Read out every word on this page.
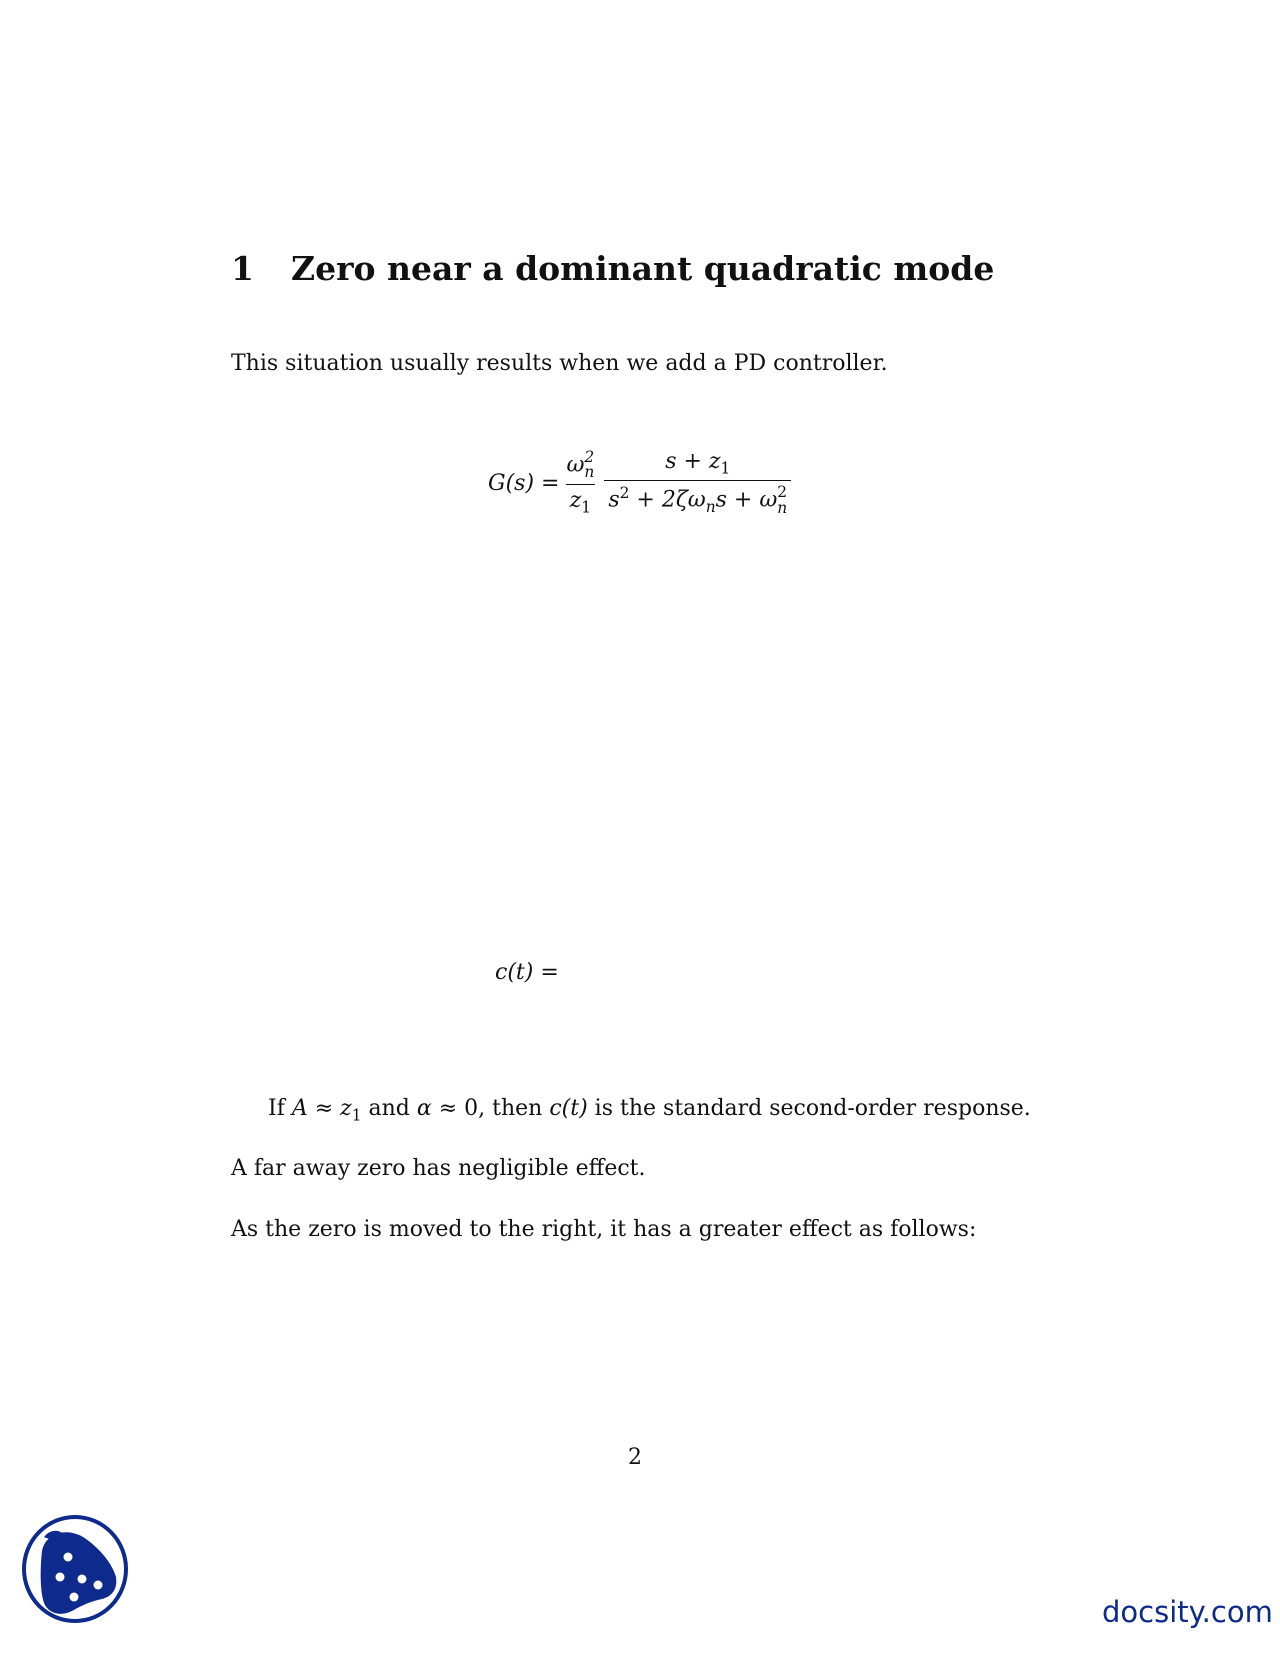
1 Zero near a dominant quadratic mode

This situation usually results when we add a PD controller.

G(s) = ω 2
n
$z_1$ $s + z_1$
$s^2 + 2\zeta\omega_ns + \omega$ 2
n
c(t) =

If $A \approx z_1$ and α ≈ 0, then c(t) is the standard second-order response.

A far away zero has negligible effect.

As the zero is moved to the right, it has a greater effect as follows:

2
docsity.com
